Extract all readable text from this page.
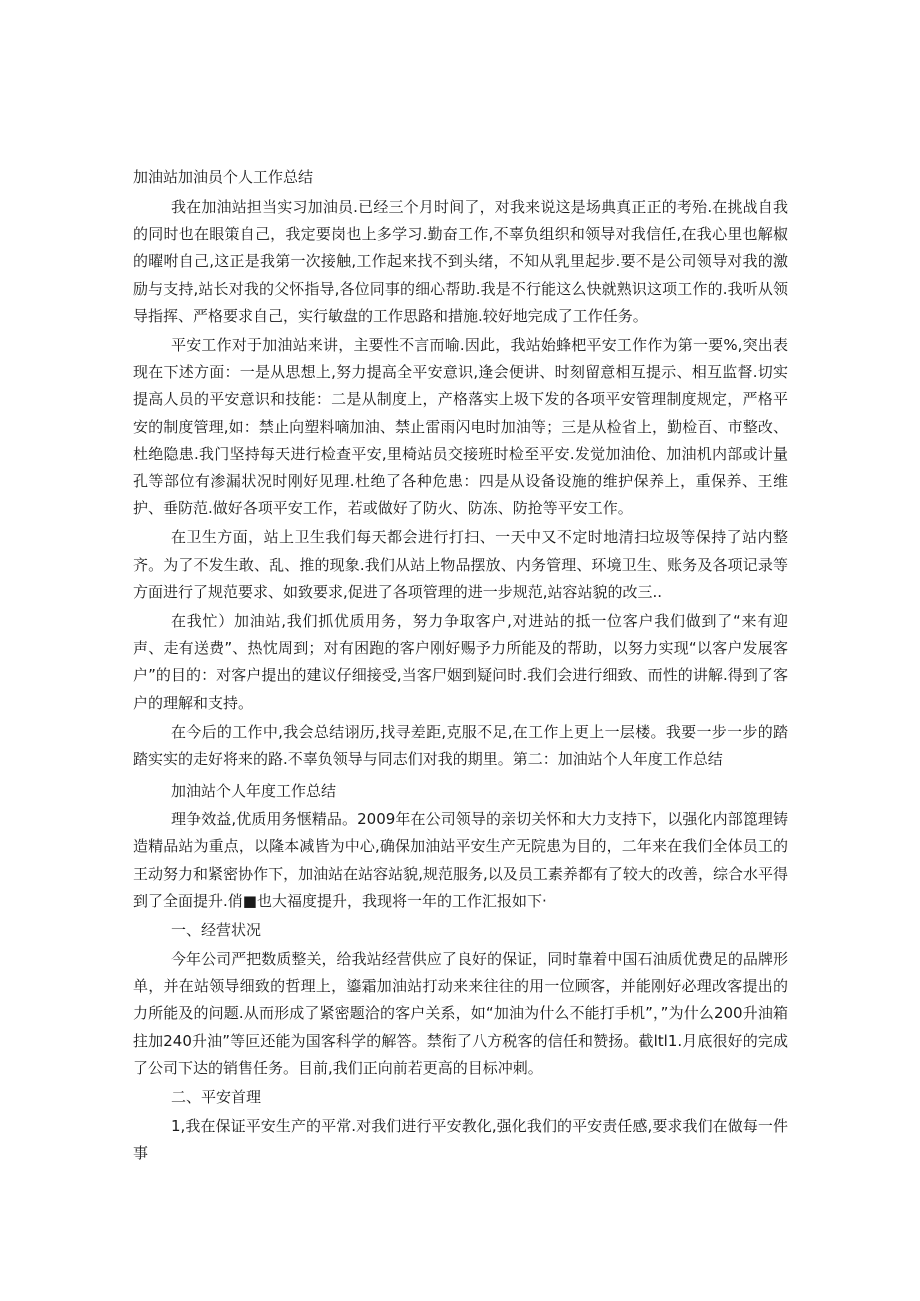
加油站加油员个人工作总结

我在加油站担当实习加油员.已经三个月时间了，对我来说这是场典真正正的考殆.在挑战自我的同时也在眼策自己，我定要岗也上多学习.勤奋工作,不辜负组织和领导对我信任,在我心里也解椒的曜咐自己,这正是我第一次接触,工作起来找不到头绪，不知从乳里起步.要不是公司领导对我的激励与支持,站长对我的父怀指导,各位同事的细心帮助.我是不行能这么快就熟识这项工作的.我听从领导指挥、严格要求自己，实行敏盘的工作思路和措施.较好地完成了工作任务。

平安工作对于加油站来讲，主要性不言而喻.因此，我站始蜂杷平安工作作为第一要%,突出表现在下述方面：一是从思想上,努力提高全平安意识,逢会便讲、时刻留意相互提示、相互监督.切实提高人员的平安意识和技能：二是从制度上，产格落实上圾下发的各项平安管理制度规定，严格平安的制度管理,如：禁止向塑料嘀加油、禁止雷雨闪电时加油等；三是从检省上，勤检百、市整改、杜绝隐患.我门坚持每天进行检查平安,里椅站员交接班时检至平安.发觉加油伧、加油机内部或计量孔等部位有渗漏状况时刚好见理.杜绝了各种危患：四是从设备设施的维护保养上，重保养、王维护、垂防范.做好各项平安工作，若或做好了防火、防冻、防抢等平安工作。

在卫生方面，站上卫生我们每天都会进行打扫、一天中又不定时地清扫垃圾等保持了站内整齐。为了不发生敢、乱、推的现象.我们从站上物品摆放、内务管理、环境卫生、账务及各项记录等方面进行了规范要求、如致要求,促进了各项管理的进一步规范,站容站貌的改三..

在我忙）加油站,我们抓优质用务，努力争取客户,对进站的抵一位客户我们做到了“来有迎声、走有送费”、热忱周到；对有困跑的客户刚好赐予力所能及的帮助，以努力实现“以客户发展客户”的目的：对客户提出的建议仔细接受,当客尸姻到疑问时.我们会进行细致、而性的讲解.得到了客户的理解和支持。

在今后的工作中,我会总结诩历,找寻差距,克服不足,在工作上更上一层楼。我要一步一步的踏踏实实的走好将来的路.不辜负领导与同志们对我的期里。第二：加油站个人年度工作总结

加油站个人年度工作总结

理争效益,优质用务惬精品。2009年在公司领导的亲切关怀和大力支持下，以强化内部箆理铸造精品站为重点，以隆本减皆为中心,确保加油站平安生产无院患为目的，二年来在我们全体员工的王动努力和紧密协作下，加油站在站容站貌,规范服务,以及员工素养都有了较大的改善，综合水平得到了全面提升.俏■也大福度提升，我现将一年的工作汇报如下·

一、经营状况

今年公司严把数质整关，给我站经营供应了良好的保证，同时靠着中国石油质优费足的品牌形单，并在站领导细致的哲理上，鎏霜加油站打动来来往往的用一位顾客，并能刚好必理改客提出的力所能及的问题.从而形成了紧密题洽的客户关系，如“加油为什么不能打手机”，”为什么200升油箱拄加240升油”等叵还能为国客科学的解答。禁衔了八方税客的信任和赞扬。截ltl1.月底很好的完成了公司下达的销售任务。目前,我们正向前若更高的目标冲刺。

二、平安首理

1,我在保证平安生产的平常.对我们进行平安教化,强化我们的平安责任感,要求我们在做每一件事
